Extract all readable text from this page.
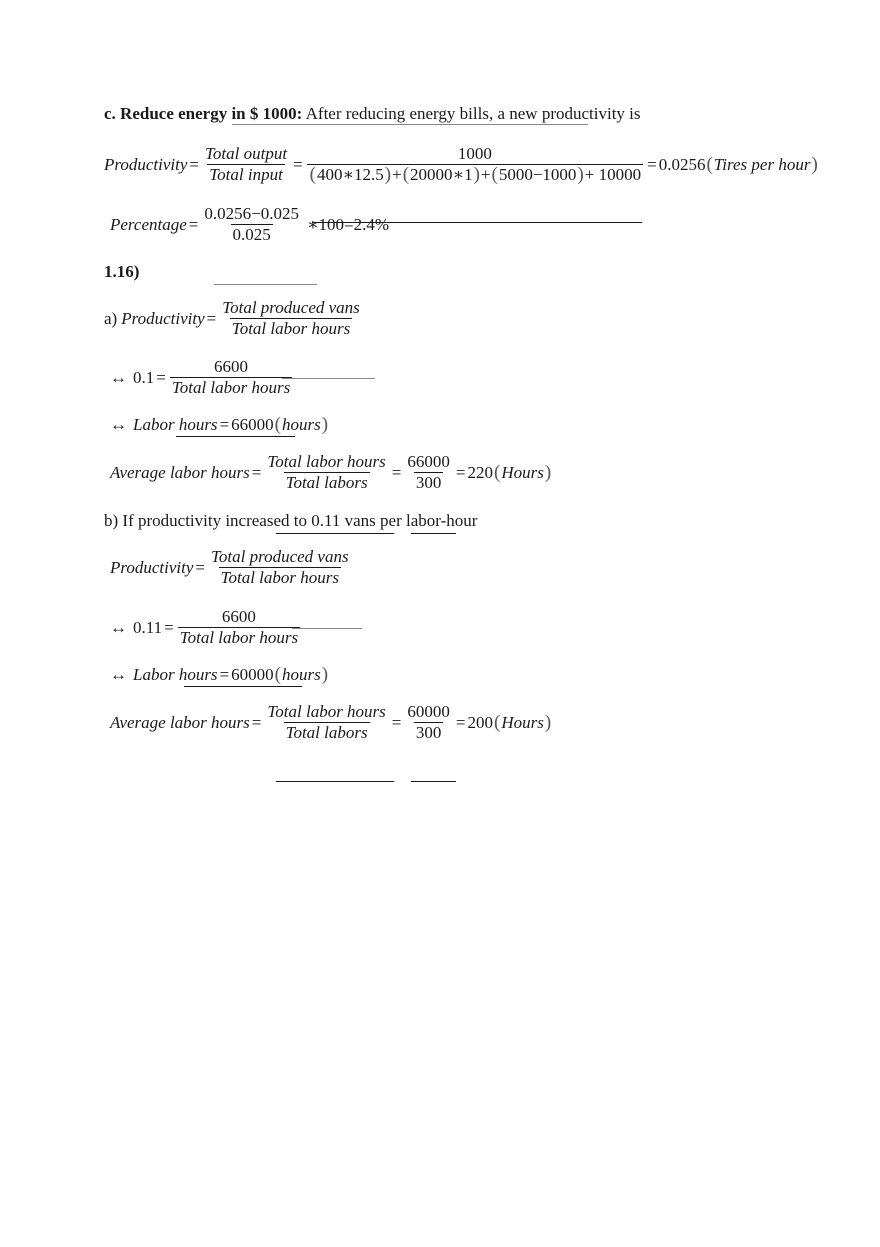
c. Reduce energy in $ 1000: After reducing energy bills, a new productivity is
Productivity = $\frac{\text{Total output}}{\text{Total input}} = \frac{1000}{(400∗12.5)+(20000∗1)+(5000-1000)+ 10000} = 0.0256$ ( Tires per hour )
Percentage = $\frac{0.0256-0.025}{0.025}$ ∗100=2.4%
1.16)
a) Productivity = $\frac{\text{Total produced vans}}{\text{Total labor hours}}$
↔ $0.1 = \frac{6600}{\text{Total labor hours}}$
↔ Labor hours = 66000 ( hours )
Average labor hours = $\frac{\text{Total labor hours}}{\text{Total labors}} = \frac{66000}{300} = 220$ ( Hours )
b) If productivity increased to 0.11 vans per labor-hour
Productivity = $\frac{\text{Total produced vans}}{\text{Total labor hours}}$
↔ $0.11 = \frac{6600}{\text{Total labor hours}}$
↔ Labor hours = 60000 ( hours )
Average labor hours = $\frac{\text{Total labor hours}}{\text{Total labors}} = \frac{60000}{300} = 200$ ( Hours )
